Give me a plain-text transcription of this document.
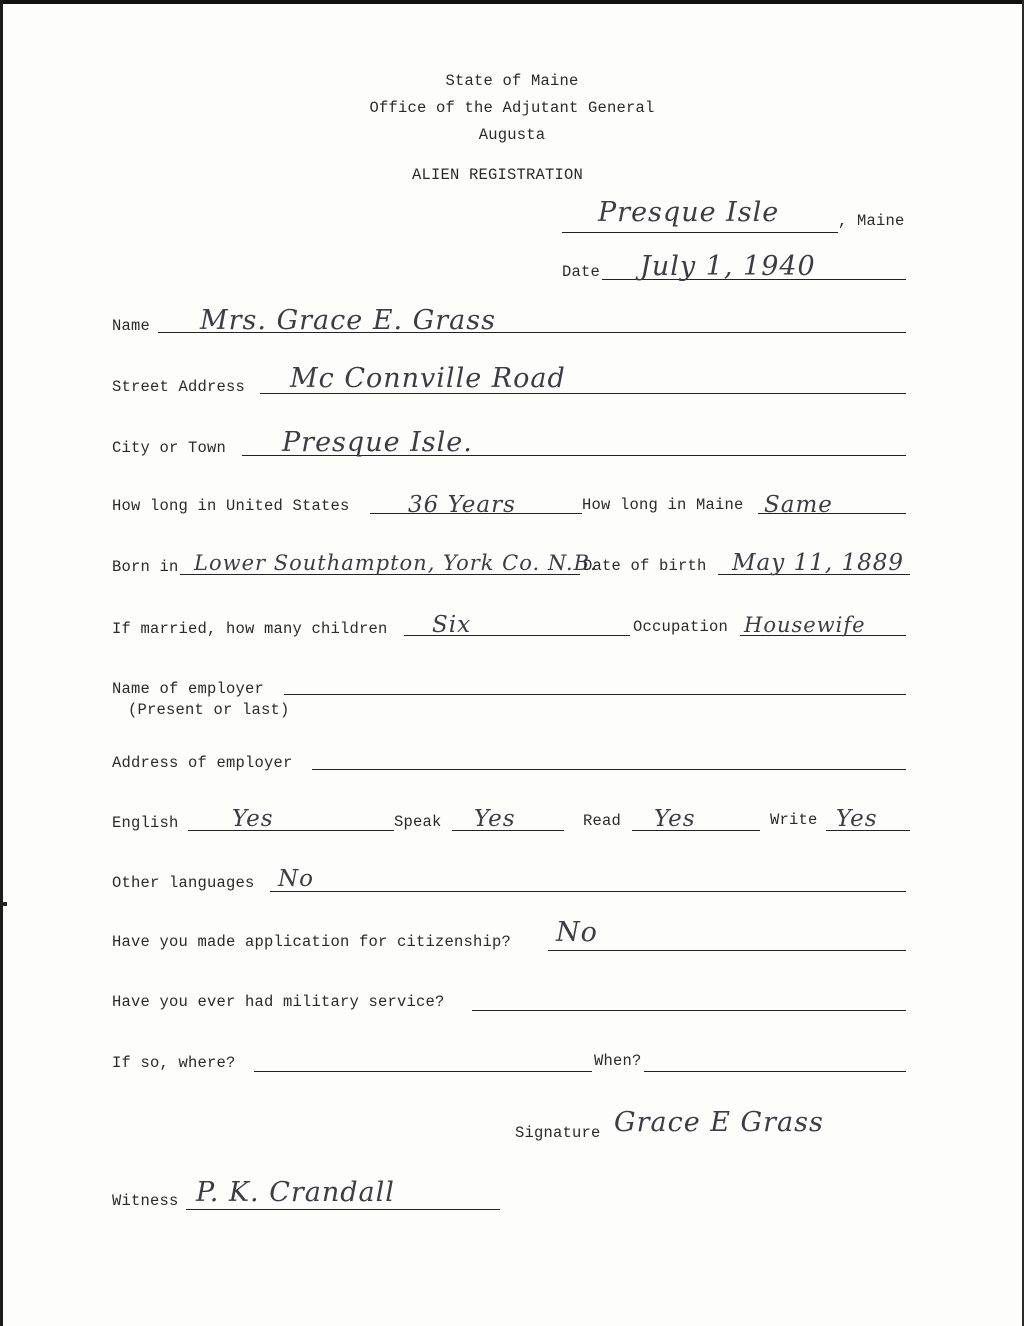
State of Maine
Office of the Adjutant General
Augusta
ALIEN REGISTRATION
Presque Isle	, Maine
Date July 1, 1940
Name Mrs. Grace E. Grass
Street Address Mc Connville Road
City or Town Presque Isle.
How long in United States	36 Years	How long in Maine Same
Born in Lower Southampton, York Co. N.B.
Date of birth May 11, 1889
If married, how many children Six	Occupation Housewife
Name of employer
(Present or last)
Address of employer
English Yes	Speak Yes	Read Yes	Write Yes
Other languages No
Have you made application for citizenship? No
Have you ever had military service?
If so, where?	When?
Signature Grace E Grass
Witness P. K. Crandall
